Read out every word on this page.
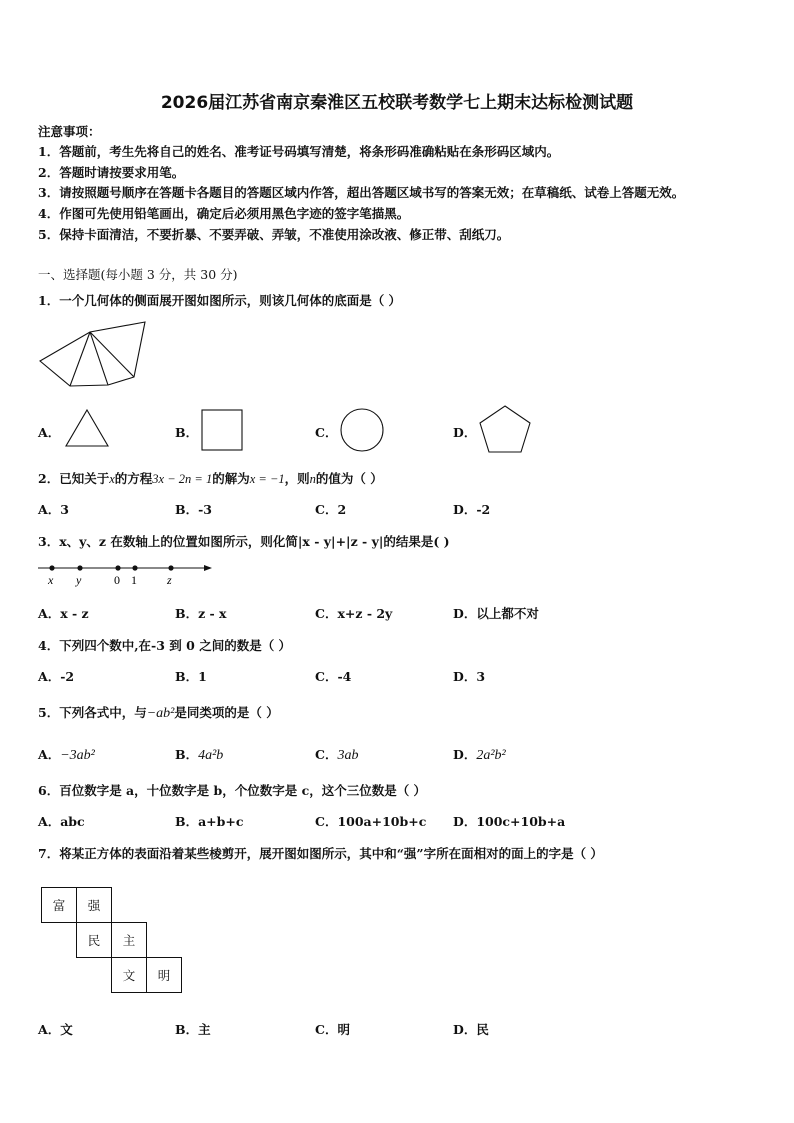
2026届江苏省南京秦淮区五校联考数学七上期末达标检测试题
注意事项：
1．答题前，考生先将自己的姓名、准考证号码填写清楚，将条形码准确粘贴在条形码区域内。
2．答题时请按要求用笔。
3．请按照题号顺序在答题卡各题目的答题区域内作答，超出答题区域书写的答案无效；在草稿纸、试卷上答题无效。
4．作图可先使用铅笔画出，确定后必须用黑色字迹的签字笔描黑。
5．保持卡面清洁，不要折暴、不要弄破、弄皱，不准使用涂改液、修正带、刮纸刀。
一、选择题(每小题 3 分，共 30 分)
1．一个几何体的侧面展开图如图所示，则该几何体的底面是（ ）
A．	B．	C．	D．
2．已知关于x的方程3x − 2n = 1的解为x = −1，则n的值为（ ）
A．3	B．-3	C．2	D．-2
3．x、y、z 在数轴上的位置如图所示，则化简|x - y|+|z - y|的结果是( )
x y	0 1	z
A．x - z	B．z - x	C．x+z - 2y	D．以上都不对
4．下列四个数中,在-3 到 0 之间的数是（ ）
A．-2	B．1	C．-4	D．3
5．下列各式中，与−ab²是同类项的是（ ）
A．−3ab²	B．4a²b	C．3ab	D．2a²b²
6．百位数字是 a，十位数字是 b，个位数字是 c，这个三位数是（ ）
A．abc	B．a+b+c	C．100a+10b+c D．100c+10b+a
7．将某正方体的表面沿着某些棱剪开，展开图如图所示，其中和“强”字所在面相对的面上的字是（ ）
富	强
民	主
文	明
A．文	B．主	C．明	D．民
